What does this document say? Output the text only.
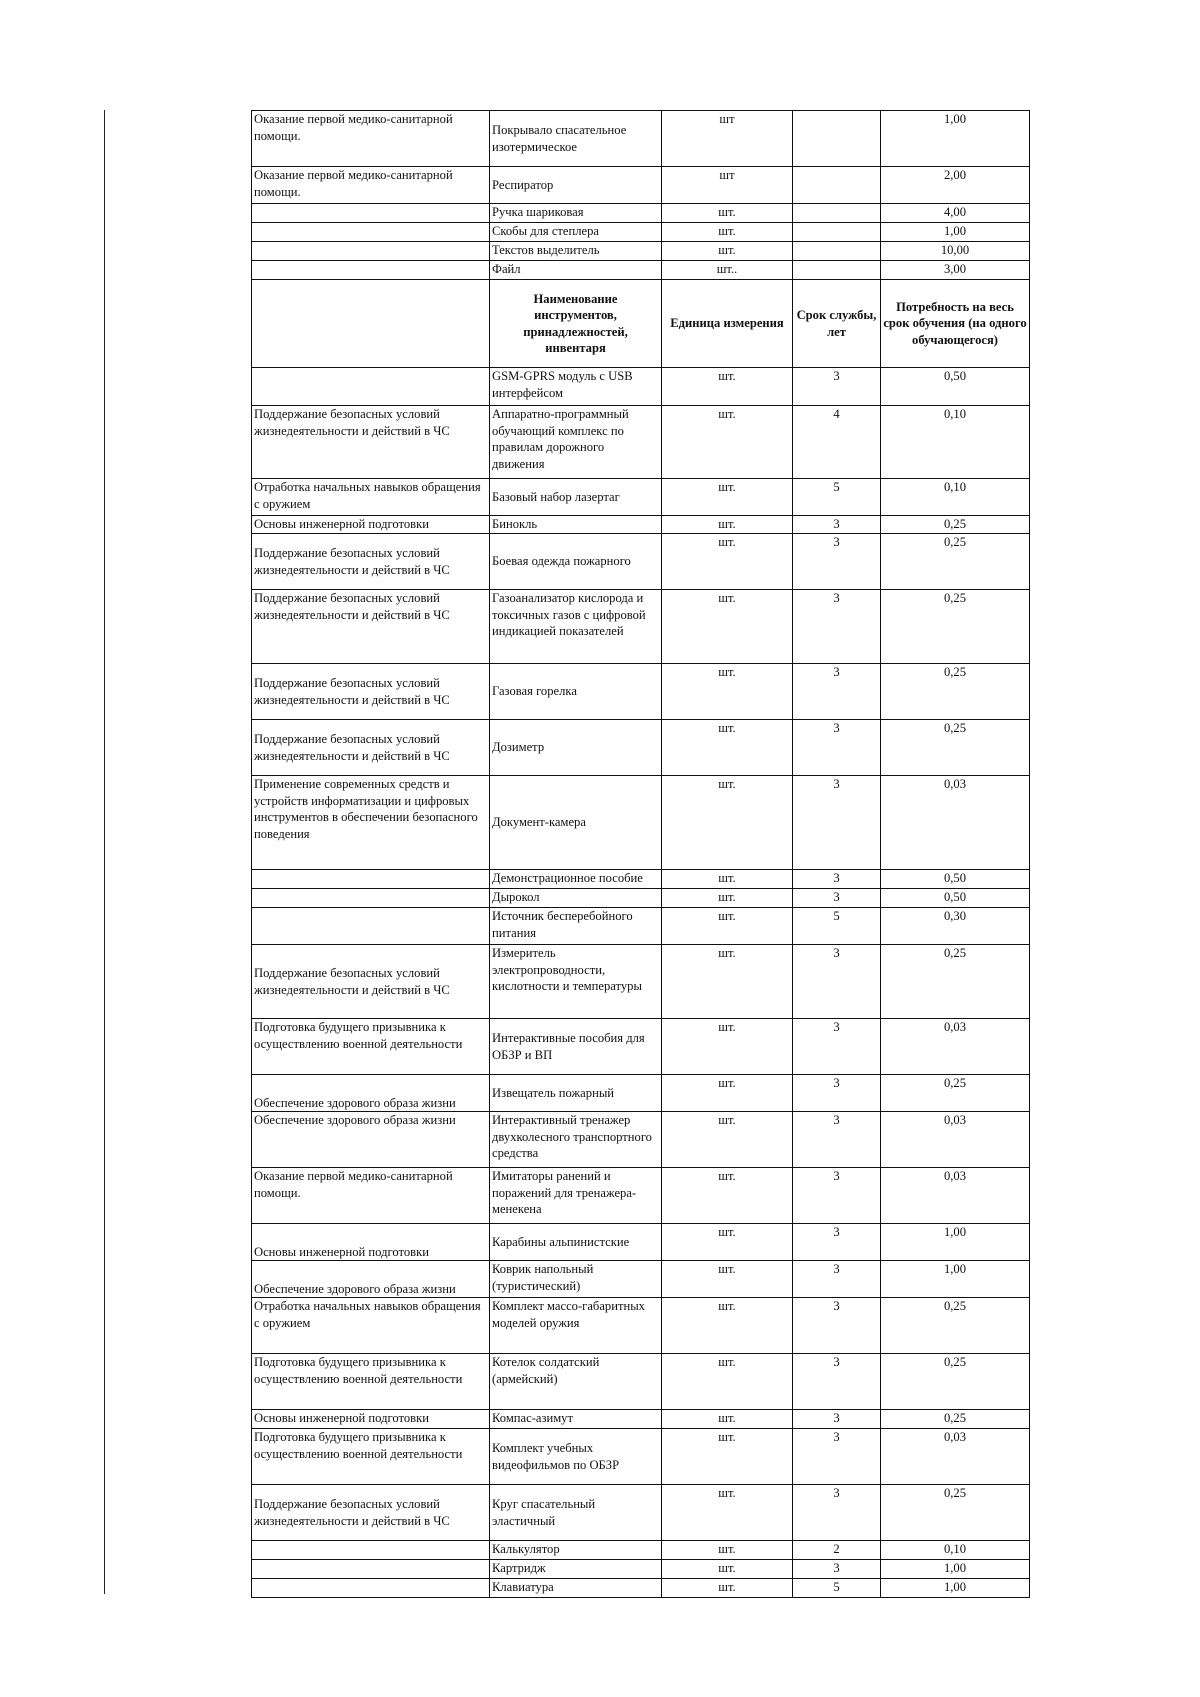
Оказание первой медико-санитарной помощи.	Покрывало спасательное изотермическое	шт		1,00
Оказание первой медико-санитарной помощи.	Респиратор	шт		2,00
	Ручка шариковая	шт.		4,00
	Скобы для степлера	шт.		1,00
	Текстов выделитель	шт.		10,00
	Файл	шт..		3,00
	Наименование инструментов, принадлежностей, инвентаря	Единица измерения	Срок службы, лет	Потребность на весь срок обучения (на одного обучающегося)
	GSM-GPRS модуль с USB интерфейсом	шт.	3	0,50
Поддержание безопасных условий жизнедеятельности и действий в ЧС	Аппаратно-программный обучающий комплекс по правилам дорожного движения	шт.	4	0,10
Отработка начальных навыков обращения с оружием	Базовый набор лазертаг	шт.	5	0,10
Основы инженерной подготовки	Бинокль	шт.	3	0,25
Поддержание безопасных условий жизнедеятельности и действий в ЧС	Боевая одежда пожарного	шт.	3	0,25
Поддержание безопасных условий жизнедеятельности и действий в ЧС	Газоанализатор кислорода и токсичных газов с цифровой индикацией показателей	шт.	3	0,25
Поддержание безопасных условий жизнедеятельности и действий в ЧС	Газовая горелка	шт.	3	0,25
Поддержание безопасных условий жизнедеятельности и действий в ЧС	Дозиметр	шт.	3	0,25
Применение современных средств и устройств информатизации и цифровых инструментов в обеспечении безопасного поведения	Документ-камера	шт.	3	0,03
	Демонстрационное пособие	шт.	3	0,50
	Дырокол	шт.	3	0,50
	Источник бесперебойного питания	шт.	5	0,30
Поддержание безопасных условий жизнедеятельности и действий в ЧС	Измеритель электропроводности, кислотности и температуры	шт.	3	0,25
Подготовка будущего призывника к осуществлению военной деятельности	Интерактивные пособия для ОБЗР и ВП	шт.	3	0,03
Обеспечение здорового образа жизни	Извещатель пожарный	шт.	3	0,25
Обеспечение здорового образа жизни	Интерактивный тренажер двухколесного транспортного средства	шт.	3	0,03
Оказание первой медико-санитарной помощи.	Имитаторы ранений и поражений для тренажера-менекена	шт.	3	0,03
Основы инженерной подготовки	Карабины альпинистские	шт.	3	1,00
Обеспечение здорового образа жизни	Коврик напольный (туристический)	шт.	3	1,00
Отработка начальных навыков обращения с оружием	Комплект массо-габаритных моделей оружия	шт.	3	0,25
Подготовка будущего призывника к осуществлению военной деятельности	Котелок солдатский (армейский)	шт.	3	0,25
Основы инженерной подготовки	Компас-азимут	шт.	3	0,25
Подготовка будущего призывника к осуществлению военной деятельности	Комплект учебных видеофильмов по ОБЗР	шт.	3	0,03
Поддержание безопасных условий жизнедеятельности и действий в ЧС	Круг спасательный эластичный	шт.	3	0,25
	Калькулятор	шт.	2	0,10
	Картридж	шт.	3	1,00
	Клавиатура	шт.	5	1,00
